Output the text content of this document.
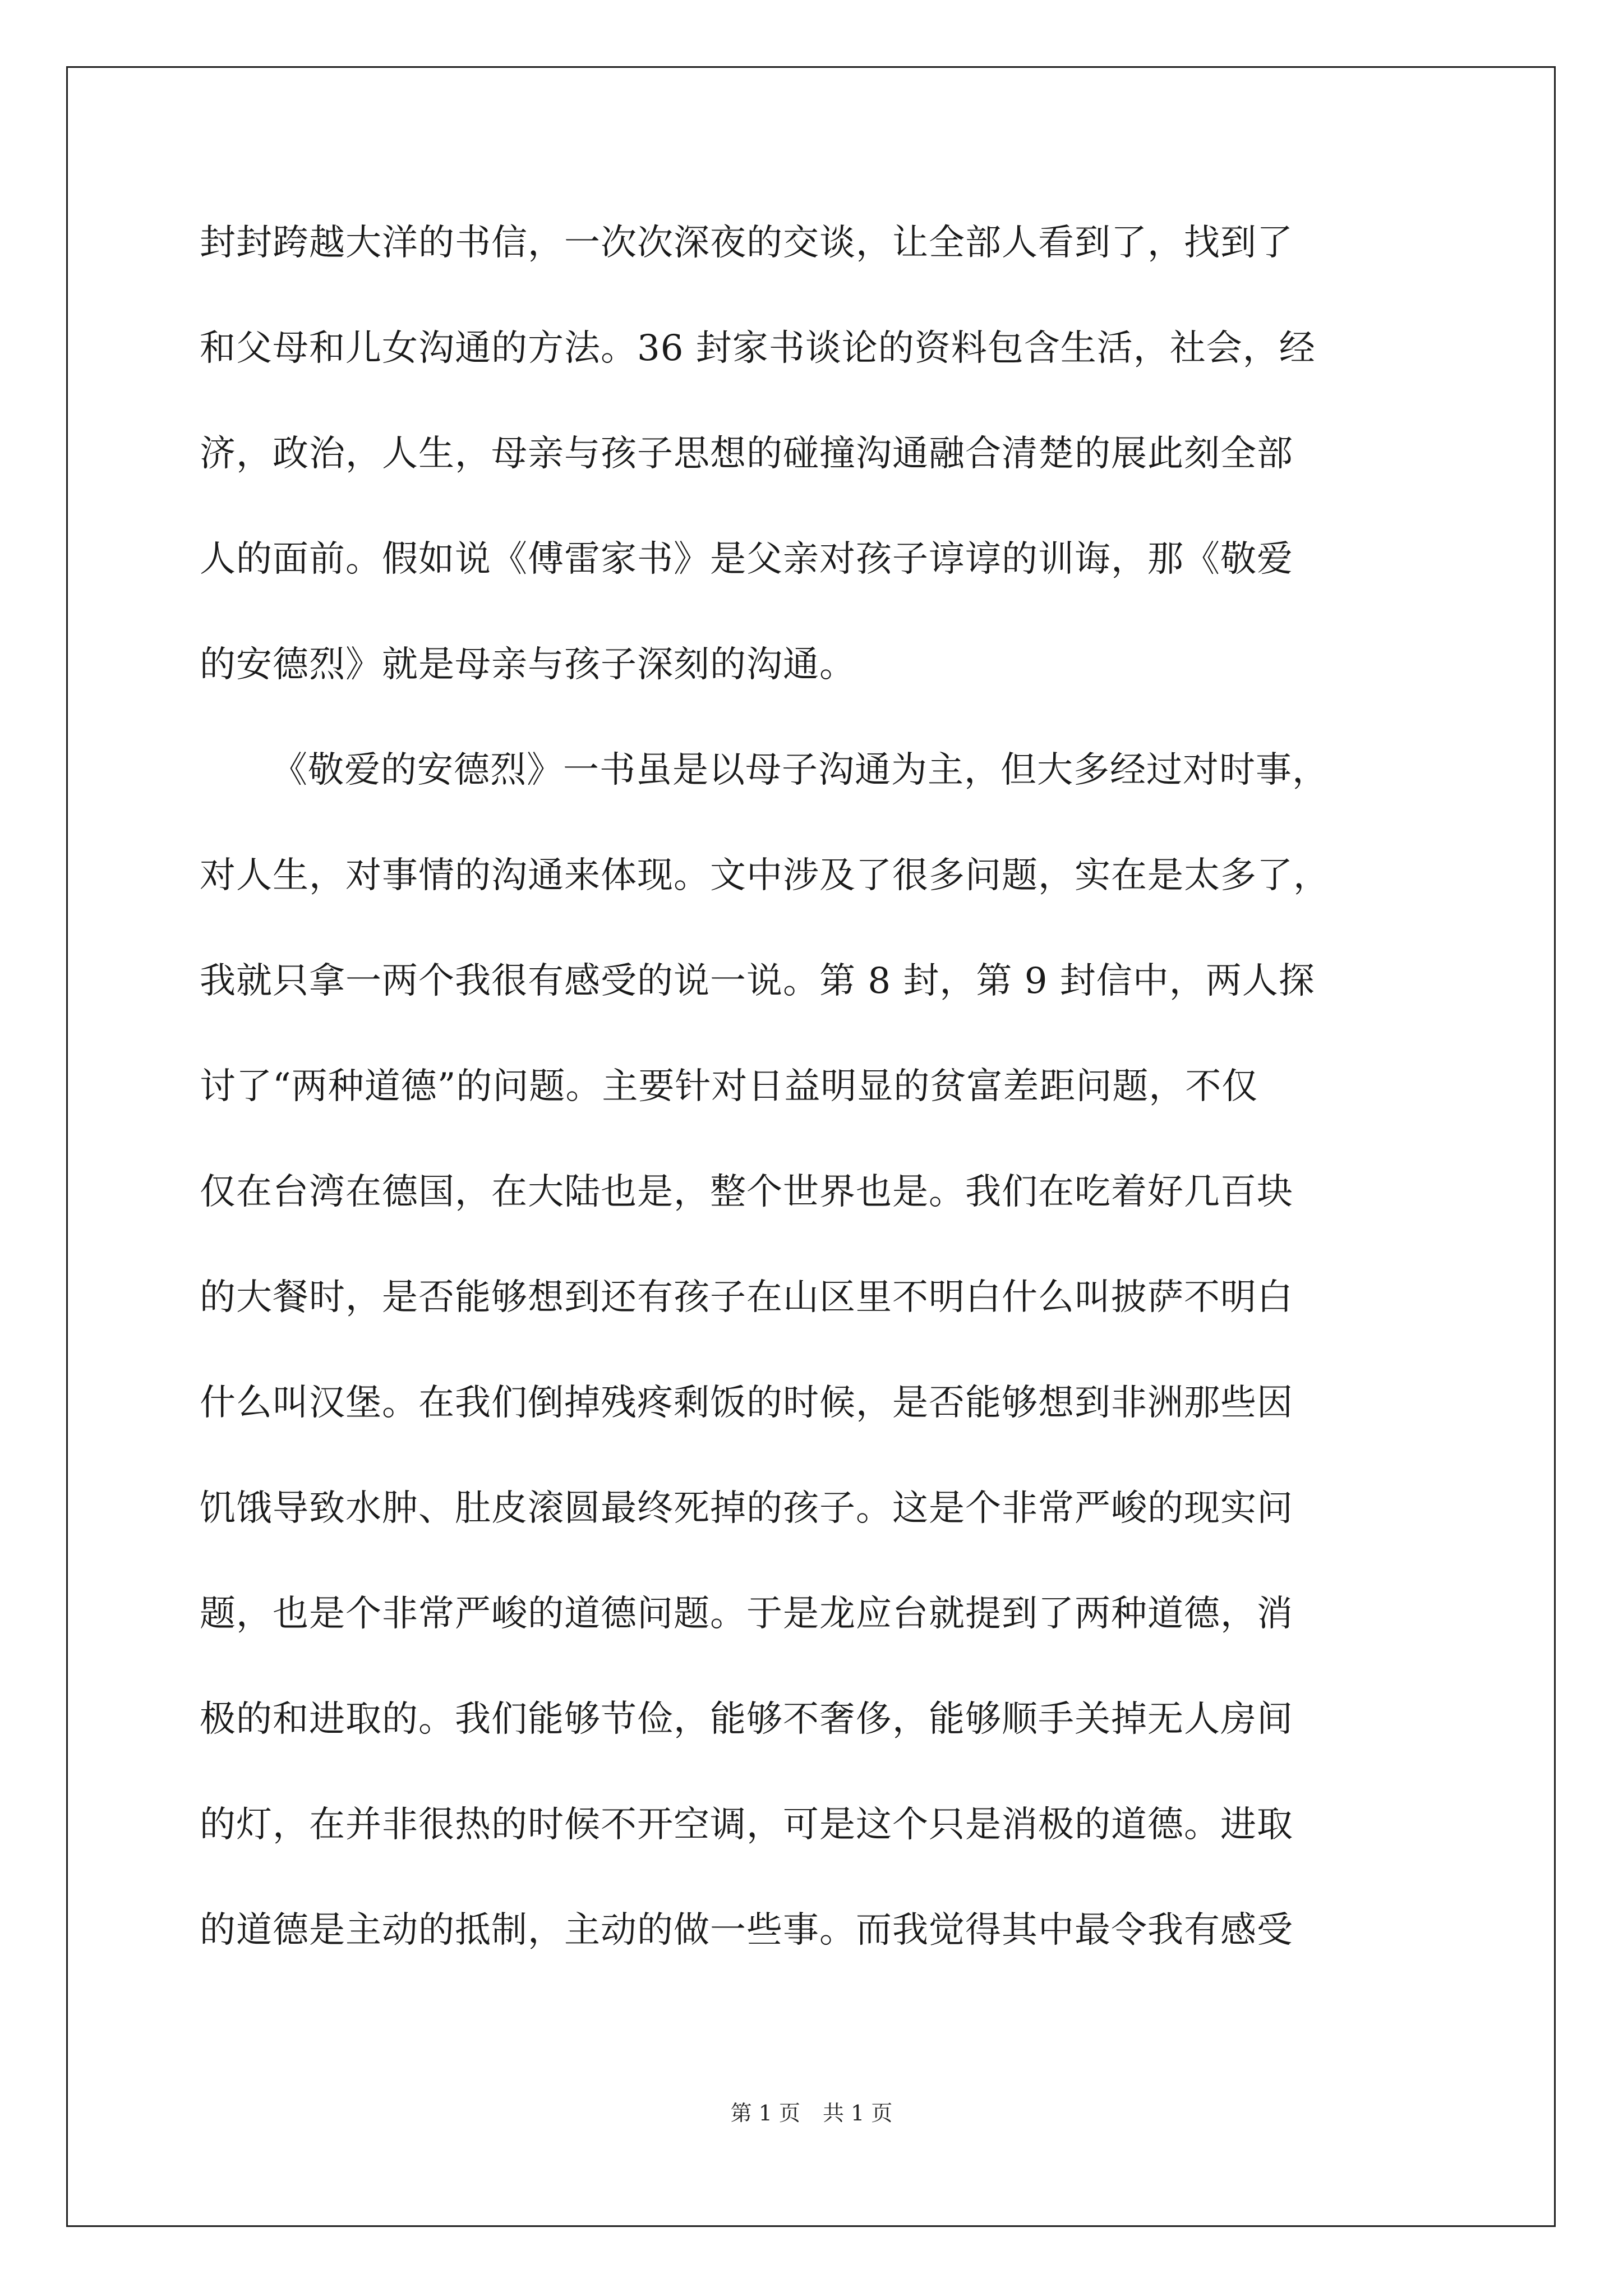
封封跨越大洋的书信，一次次深夜的交谈，让全部人看到了，找到了
和父母和儿女沟通的方法。36 封家书谈论的资料包含生活，社会，经
济，政治，人生，母亲与孩子思想的碰撞沟通融合清楚的展此刻全部
人的面前。假如说《傅雷家书》是父亲对孩子谆谆的训诲，那《敬爱
的安德烈》就是母亲与孩子深刻的沟通。
《敬爱的安德烈》一书虽是以母子沟通为主，但大多经过对时事，
对人生，对事情的沟通来体现。文中涉及了很多问题，实在是太多了，
我就只拿一两个我很有感受的说一说。第 8 封，第 9 封信中，两人探
讨了“两种道德”的问题。主要针对日益明显的贫富差距问题，不仅
仅在台湾在德国，在大陆也是，整个世界也是。我们在吃着好几百块
的大餐时，是否能够想到还有孩子在山区里不明白什么叫披萨不明白
什么叫汉堡。在我们倒掉残疼剩饭的时候，是否能够想到非洲那些因
饥饿导致水肿、肚皮滚圆最终死掉的孩子。这是个非常严峻的现实问
题，也是个非常严峻的道德问题。于是龙应台就提到了两种道德，消
极的和进取的。我们能够节俭，能够不奢侈，能够顺手关掉无人房间
的灯，在并非很热的时候不开空调，可是这个只是消极的道德。进取
的道德是主动的抵制，主动的做一些事。而我觉得其中最令我有感受
第 1 页 共 1 页
